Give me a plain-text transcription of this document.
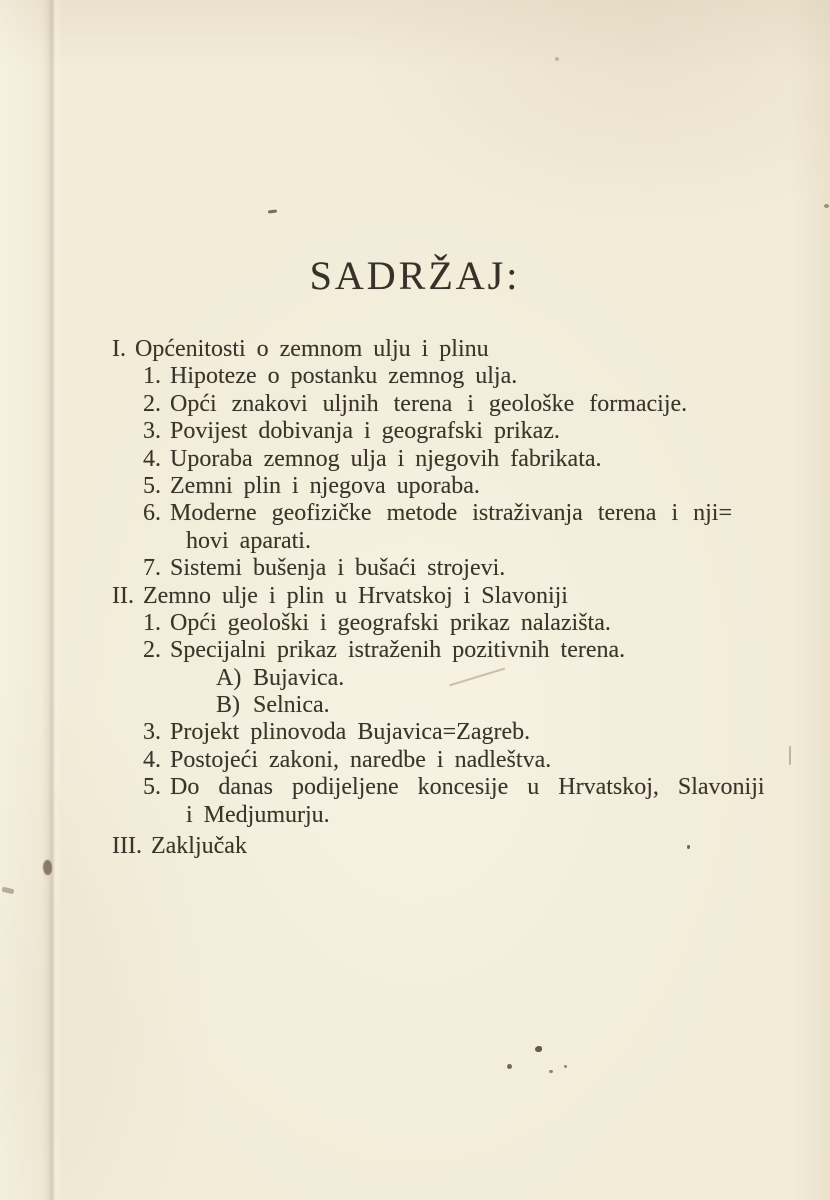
SADRŽAJ:
I. Općenitosti o zemnom ulju i plinu
1. Hipoteze o postanku zemnog ulja.
2. Opći znakovi uljnih terena i geološke formacije.
3. Povijest dobivanja i geografski prikaz.
4. Uporaba zemnog ulja i njegovih fabrikata.
5. Zemni plin i njegova uporaba.
6. Moderne geofizičke metode istraživanja terena i nji=
hovi aparati.
7. Sistemi bušenja i bušaći strojevi.
II. Zemno ulje i plin u Hrvatskoj i Slavoniji
1. Opći geološki i geografski prikaz nalazišta.
2. Specijalni prikaz istraženih pozitivnih terena.
A) Bujavica.
B) Selnica.
3. Projekt plinovoda Bujavica=Zagreb.
4. Postojeći zakoni, naredbe i nadleštva.
5. Do danas podijeljene koncesije u Hrvatskoj, Slavoniji
i Medjumurju.
III. Zaključak
